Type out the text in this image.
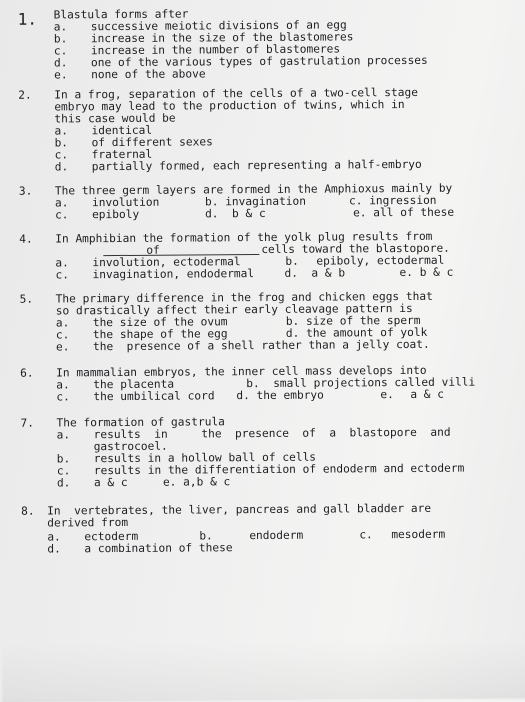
1. Blastula forms after
a. successive meiotic divisions of an egg
b. increase in the size of the blastomeres
c. increase in the number of blastomeres
d. one of the various types of gastrulation processes
e. none of the above
2. In a frog, separation of the cells of a two-cell stage
embryo may lead to the production of twins, which in
this case would be
a. identical
b. of different sexes
c. fraternal
d. partially formed, each representing a half-embryo
3. The three germ layers are formed in the Amphioxus mainly by
a. involution	b. invagination	c. ingression
c. epiboly	d.  b & c	e. all of these
4. In Amphibian the formation of the yolk plug results from
of	cells toward the blastopore.
a. involution, ectodermal	b. epiboly, ectodermal
c. invagination, endodermal	d.  a & b	e. b & c
5. The primary difference in the frog and chicken eggs that
so drastically affect their early cleavage pattern is
a. the size of the ovum	b. size of the sperm
c. the shape of the egg	d. the amount of yolk
e. the  presence of a shell rather than a jelly coat.
6. In mammalian embryos, the inner cell mass develops into
a. the placenta	b.  small projections called villi
c. the umbilical cord d. the embryo	e. a & c
7. The formation of gastrula
a. results  in     the  presence  of  a  blastopore  and
gastrocoel.
b. results in a hollow ball of cells
c. results in the differentiation of endoderm and ectoderm
d. a & c	e. a,b & c
8. In  vertebrates, the liver, pancreas and gall bladder are
derived from
a. ectoderm	b.	endoderm	c. mesoderm
d. a combination of these
